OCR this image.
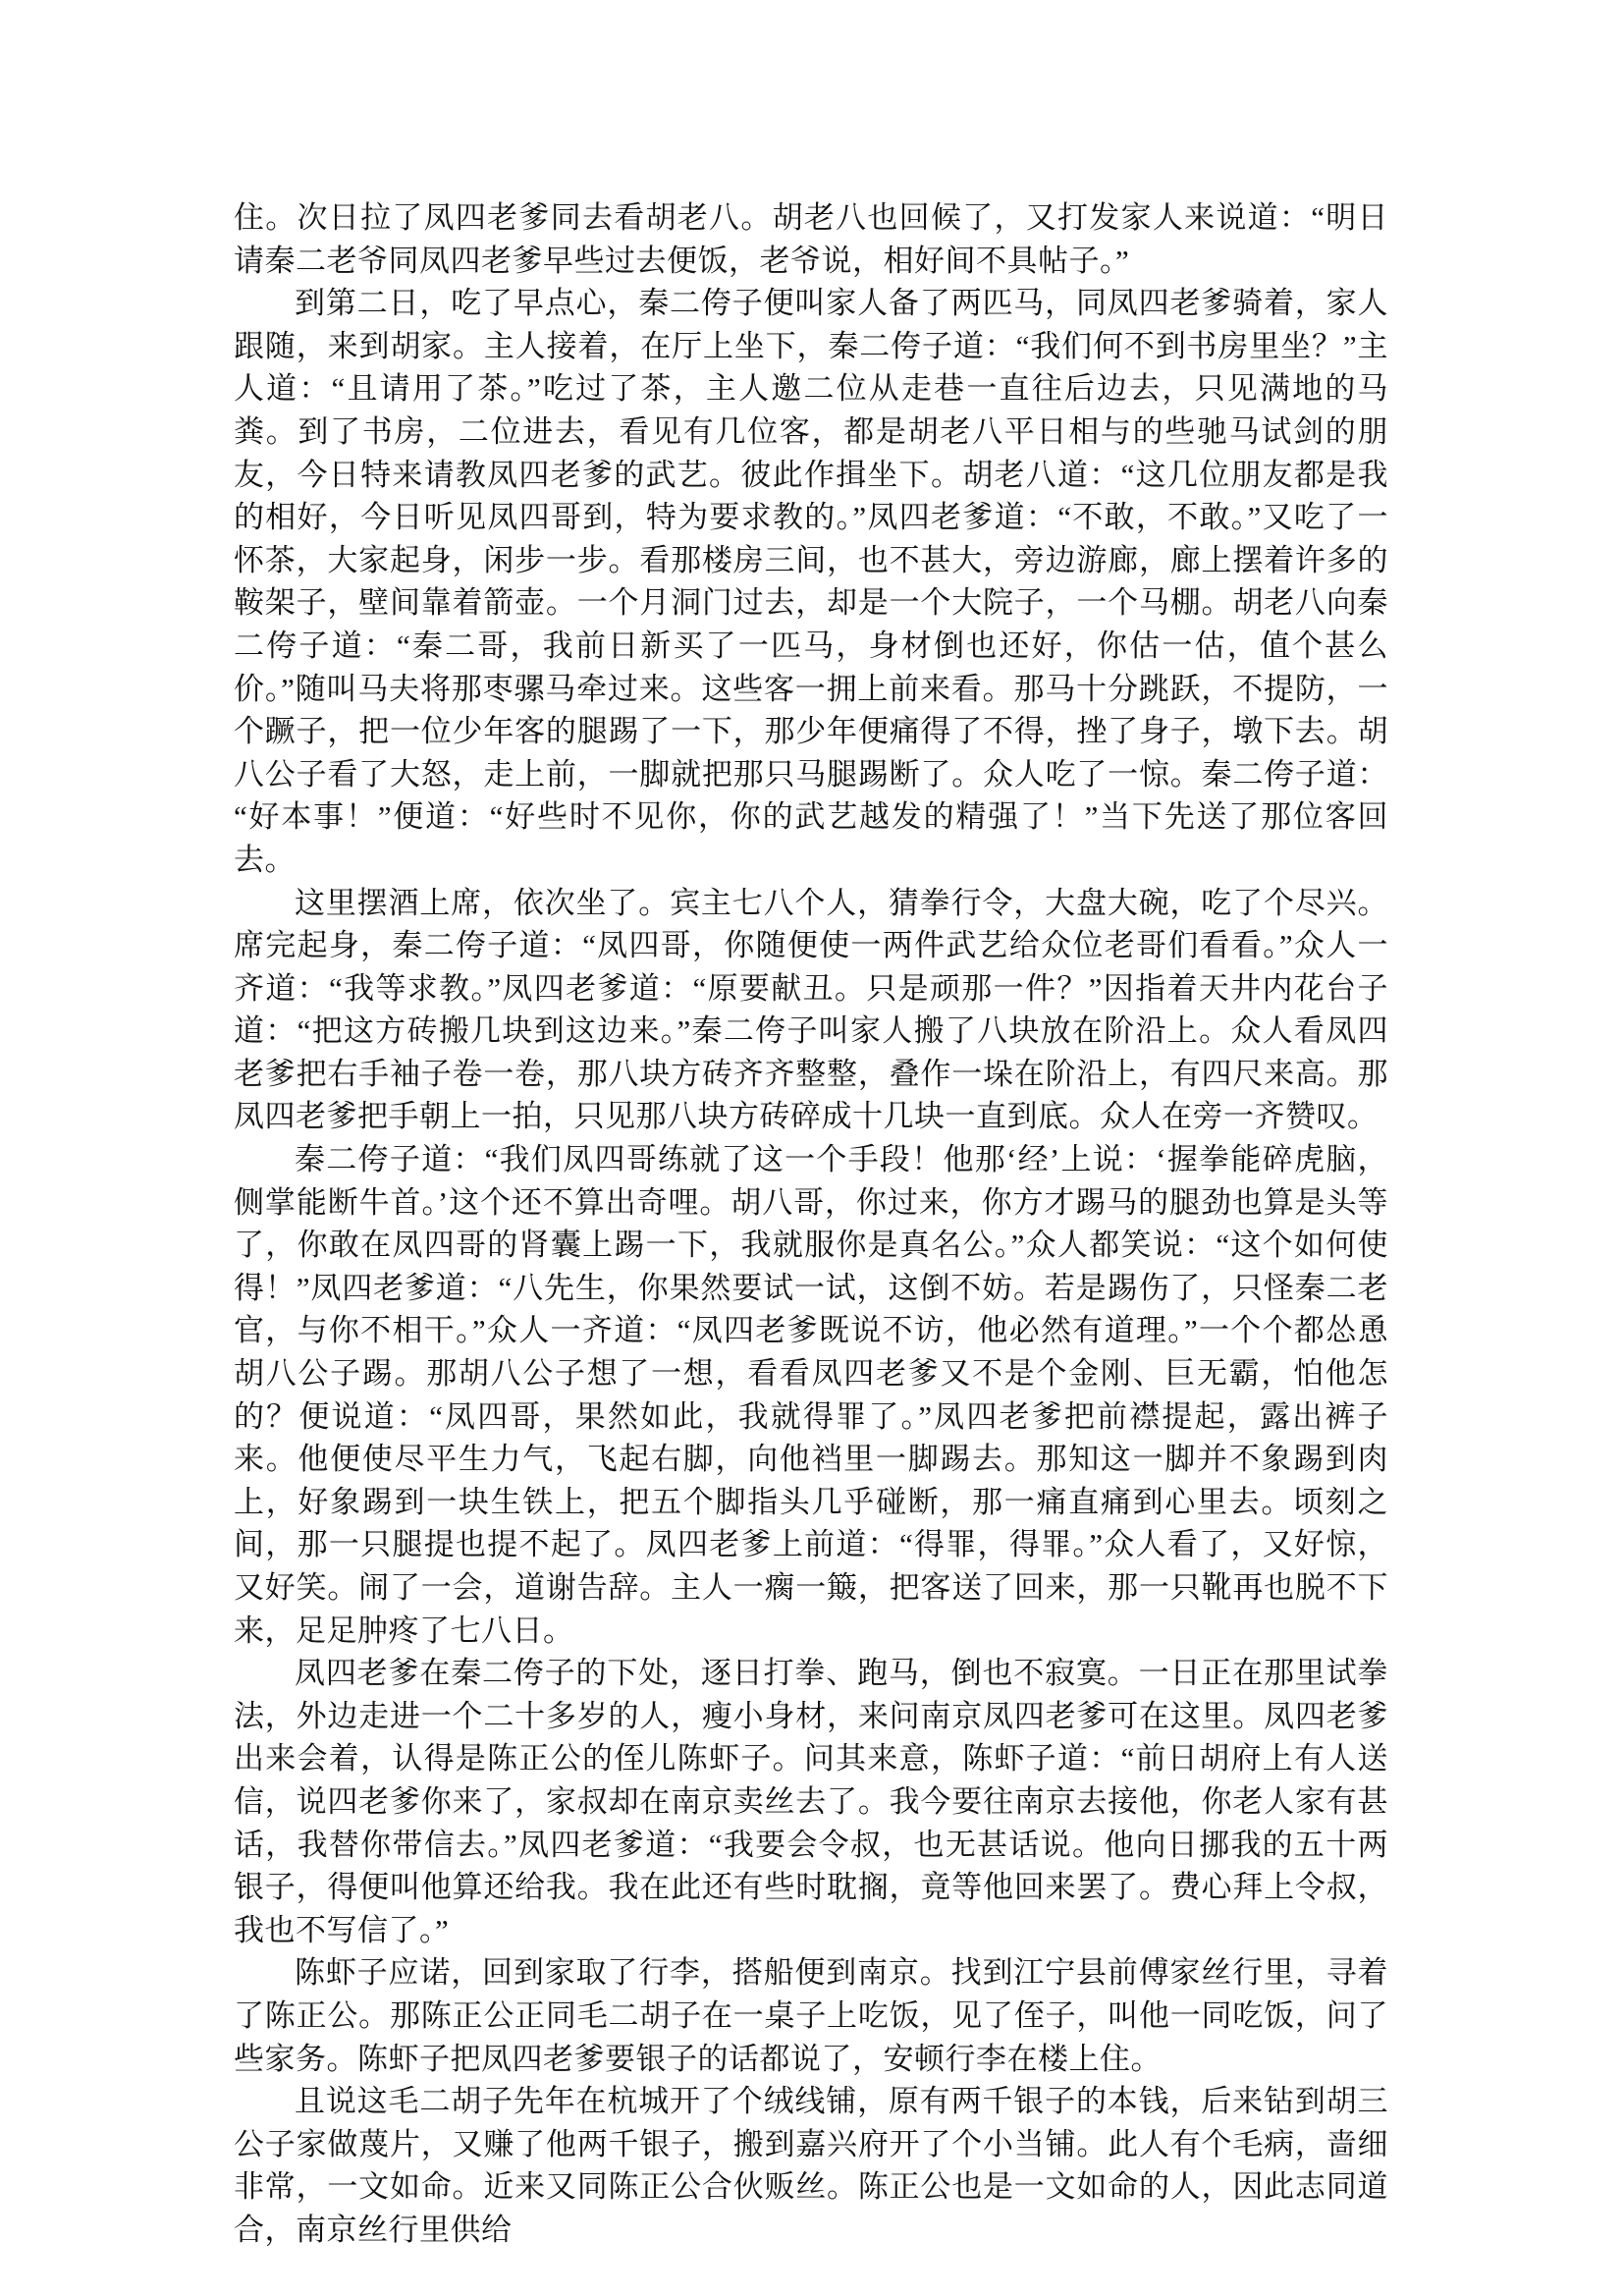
住。次日拉了凤四老爹同去看胡老八。胡老八也回候了，又打发家人来说道：“明日请秦二老爷同凤四老爹早些过去便饭，老爷说，相好间不具帖子。”

到第二日，吃了早点心，秦二侉子便叫家人备了两匹马，同凤四老爹骑着，家人跟随，来到胡家。主人接着，在厅上坐下，秦二侉子道：“我们何不到书房里坐？”主人道：“且请用了茶。”吃过了茶，主人邀二位从走巷一直往后边去，只见满地的马粪。到了书房，二位进去，看见有几位客，都是胡老八平日相与的些驰马试剑的朋友，今日特来请教凤四老爹的武艺。彼此作揖坐下。胡老八道：“这几位朋友都是我的相好，今日听见凤四哥到，特为要求教的。”凤四老爹道：“不敢，不敢。”又吃了一怀茶，大家起身，闲步一步。看那楼房三间，也不甚大，旁边游廊，廊上摆着许多的鞍架子，壁间靠着箭壶。一个月洞门过去，却是一个大院子，一个马棚。胡老八向秦二侉子道：“秦二哥，我前日新买了一匹马，身材倒也还好，你估一估，值个甚么价。”随叫马夫将那枣骡马牵过来。这些客一拥上前来看。那马十分跳跃，不提防，一个蹶子，把一位少年客的腿踢了一下，那少年便痛得了不得，挫了身子，墩下去。胡八公子看了大怒，走上前，一脚就把那只马腿踢断了。众人吃了一惊。秦二侉子道：“好本事！”便道：“好些时不见你，你的武艺越发的精强了！”当下先送了那位客回去。

这里摆酒上席，依次坐了。宾主七八个人，猜拳行令，大盘大碗，吃了个尽兴。席完起身，秦二侉子道：“凤四哥，你随便使一两件武艺给众位老哥们看看。”众人一齐道：“我等求教。”凤四老爹道：“原要献丑。只是顽那一件？”因指着天井内花台子道：“把这方砖搬几块到这边来。”秦二侉子叫家人搬了八块放在阶沿上。众人看凤四老爹把右手袖子卷一卷，那八块方砖齐齐整整，叠作一垛在阶沿上，有四尺来高。那凤四老爹把手朝上一拍，只见那八块方砖碎成十几块一直到底。众人在旁一齐赞叹。

秦二侉子道：“我们凤四哥练就了这一个手段！他那‘经’上说：‘握拳能碎虎脑，侧掌能断牛首。’这个还不算出奇哩。胡八哥，你过来，你方才踢马的腿劲也算是头等了，你敢在凤四哥的肾囊上踢一下，我就服你是真名公。”众人都笑说：“这个如何使得！”凤四老爹道：“八先生，你果然要试一试，这倒不妨。若是踢伤了，只怪秦二老官，与你不相干。”众人一齐道：“凤四老爹既说不访，他必然有道理。”一个个都怂恿胡八公子踢。那胡八公子想了一想，看看凤四老爹又不是个金刚、巨无霸，怕他怎的？便说道：“凤四哥，果然如此，我就得罪了。”凤四老爹把前襟提起，露出裤子来。他便使尽平生力气，飞起右脚，向他裆里一脚踢去。那知这一脚并不象踢到肉上，好象踢到一块生铁上，把五个脚指头几乎碰断，那一痛直痛到心里去。顷刻之间，那一只腿提也提不起了。凤四老爹上前道：“得罪，得罪。”众人看了，又好惊，又好笑。闹了一会，道谢告辞。主人一瘸一簸，把客送了回来，那一只靴再也脱不下来，足足肿疼了七八日。

凤四老爹在秦二侉子的下处，逐日打拳、跑马，倒也不寂寞。一日正在那里试拳法，外边走进一个二十多岁的人，瘦小身材，来问南京凤四老爹可在这里。凤四老爹出来会着，认得是陈正公的侄儿陈虾子。问其来意，陈虾子道：“前日胡府上有人送信，说四老爹你来了，家叔却在南京卖丝去了。我今要往南京去接他，你老人家有甚话，我替你带信去。”凤四老爹道：“我要会令叔，也无甚话说。他向日挪我的五十两银子，得便叫他算还给我。我在此还有些时耽搁，竟等他回来罢了。费心拜上令叔，我也不写信了。”

陈虾子应诺，回到家取了行李，搭船便到南京。找到江宁县前傅家丝行里，寻着了陈正公。那陈正公正同毛二胡子在一桌子上吃饭，见了侄子，叫他一同吃饭，问了些家务。陈虾子把凤四老爹要银子的话都说了，安顿行李在楼上住。

且说这毛二胡子先年在杭城开了个绒线铺，原有两千银子的本钱，后来钻到胡三公子家做蔑片，又赚了他两千银子，搬到嘉兴府开了个小当铺。此人有个毛病，啬细非常，一文如命。近来又同陈正公合伙贩丝。陈正公也是一文如命的人，因此志同道合，南京丝行里供给
